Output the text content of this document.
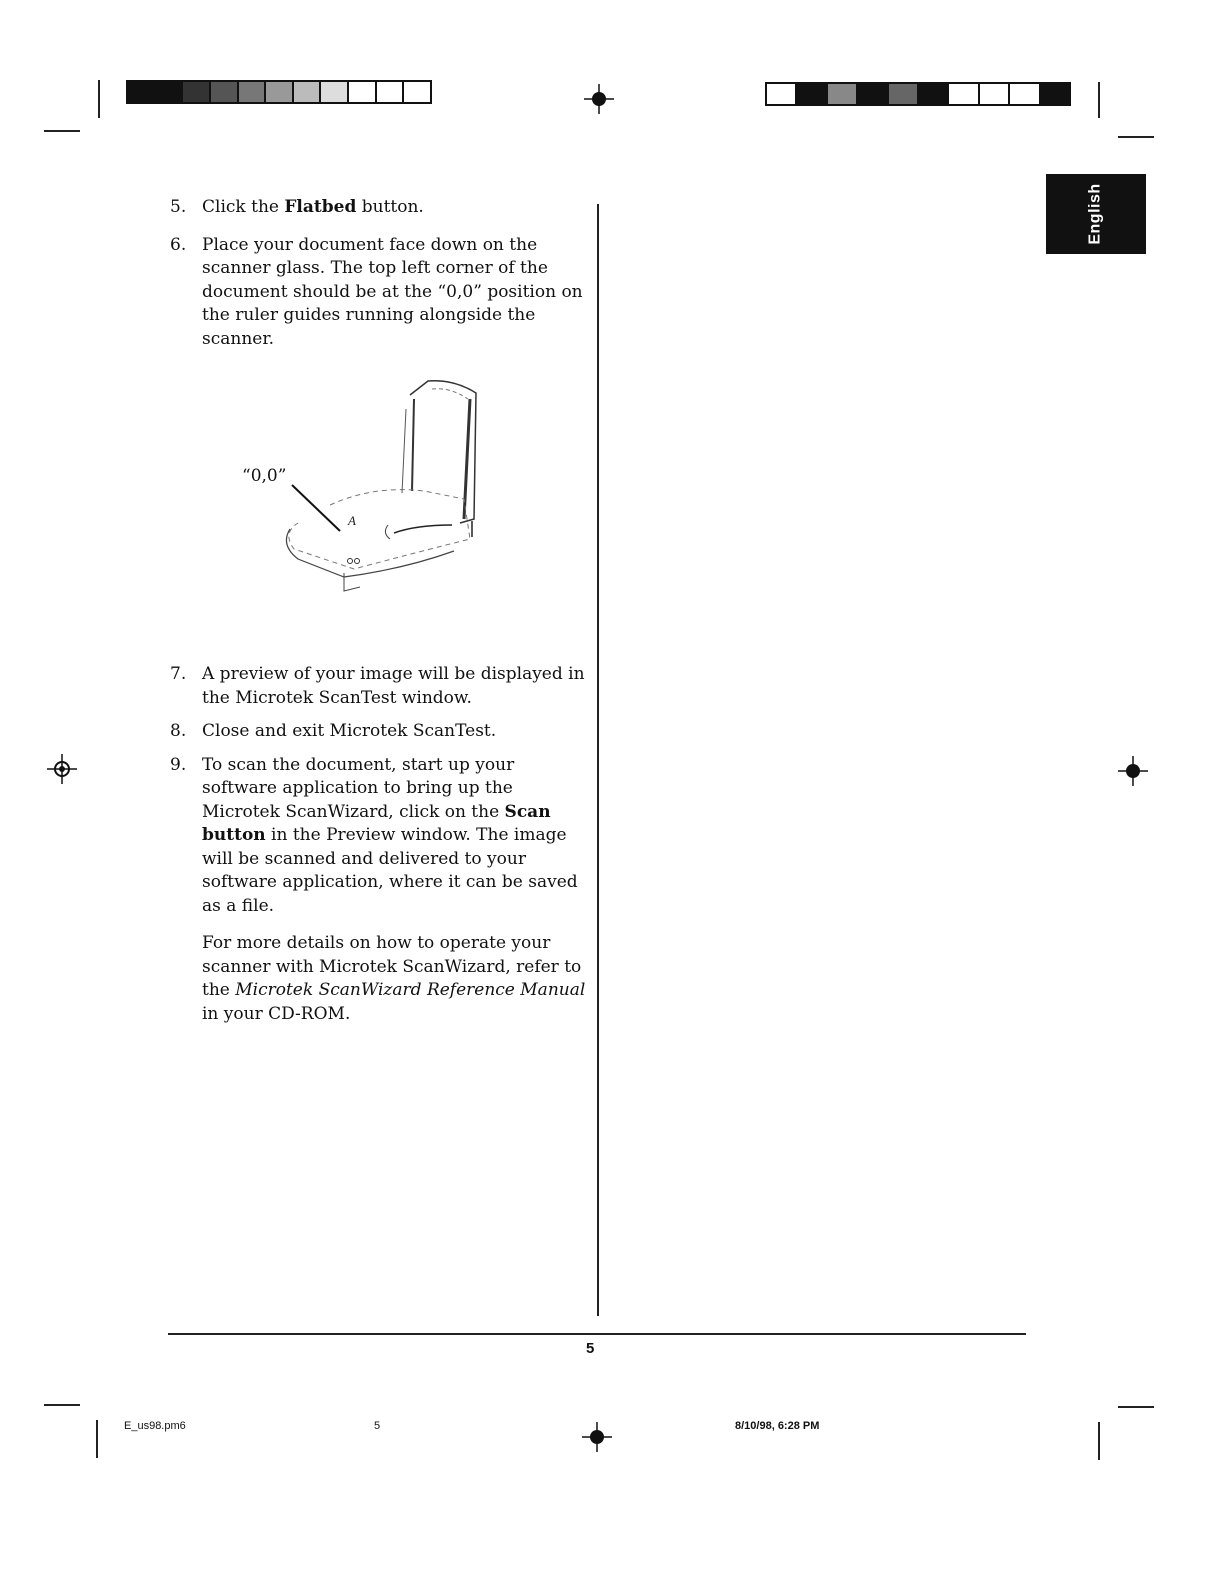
English
5. Click the Flatbed button.
6. Place your document face down on the scanner glass. The top left corner of the document should be at the “0,0” position on the ruler guides running alongside the scanner.
“0,0”
A
7. A preview of your image will be displayed in the Microtek ScanTest window.
8. Close and exit Microtek ScanTest.
9. To scan the document, start up your software application to bring up the Microtek ScanWizard, click on the Scan button in the Preview window. The image will be scanned and delivered to your software application, where it can be saved as a file.
For more details on how to operate your scanner with Microtek ScanWizard, refer to the Microtek ScanWizard Reference Manual in your CD-ROM.
5
E_us98.pm6	5	8/10/98, 6:28 PM
